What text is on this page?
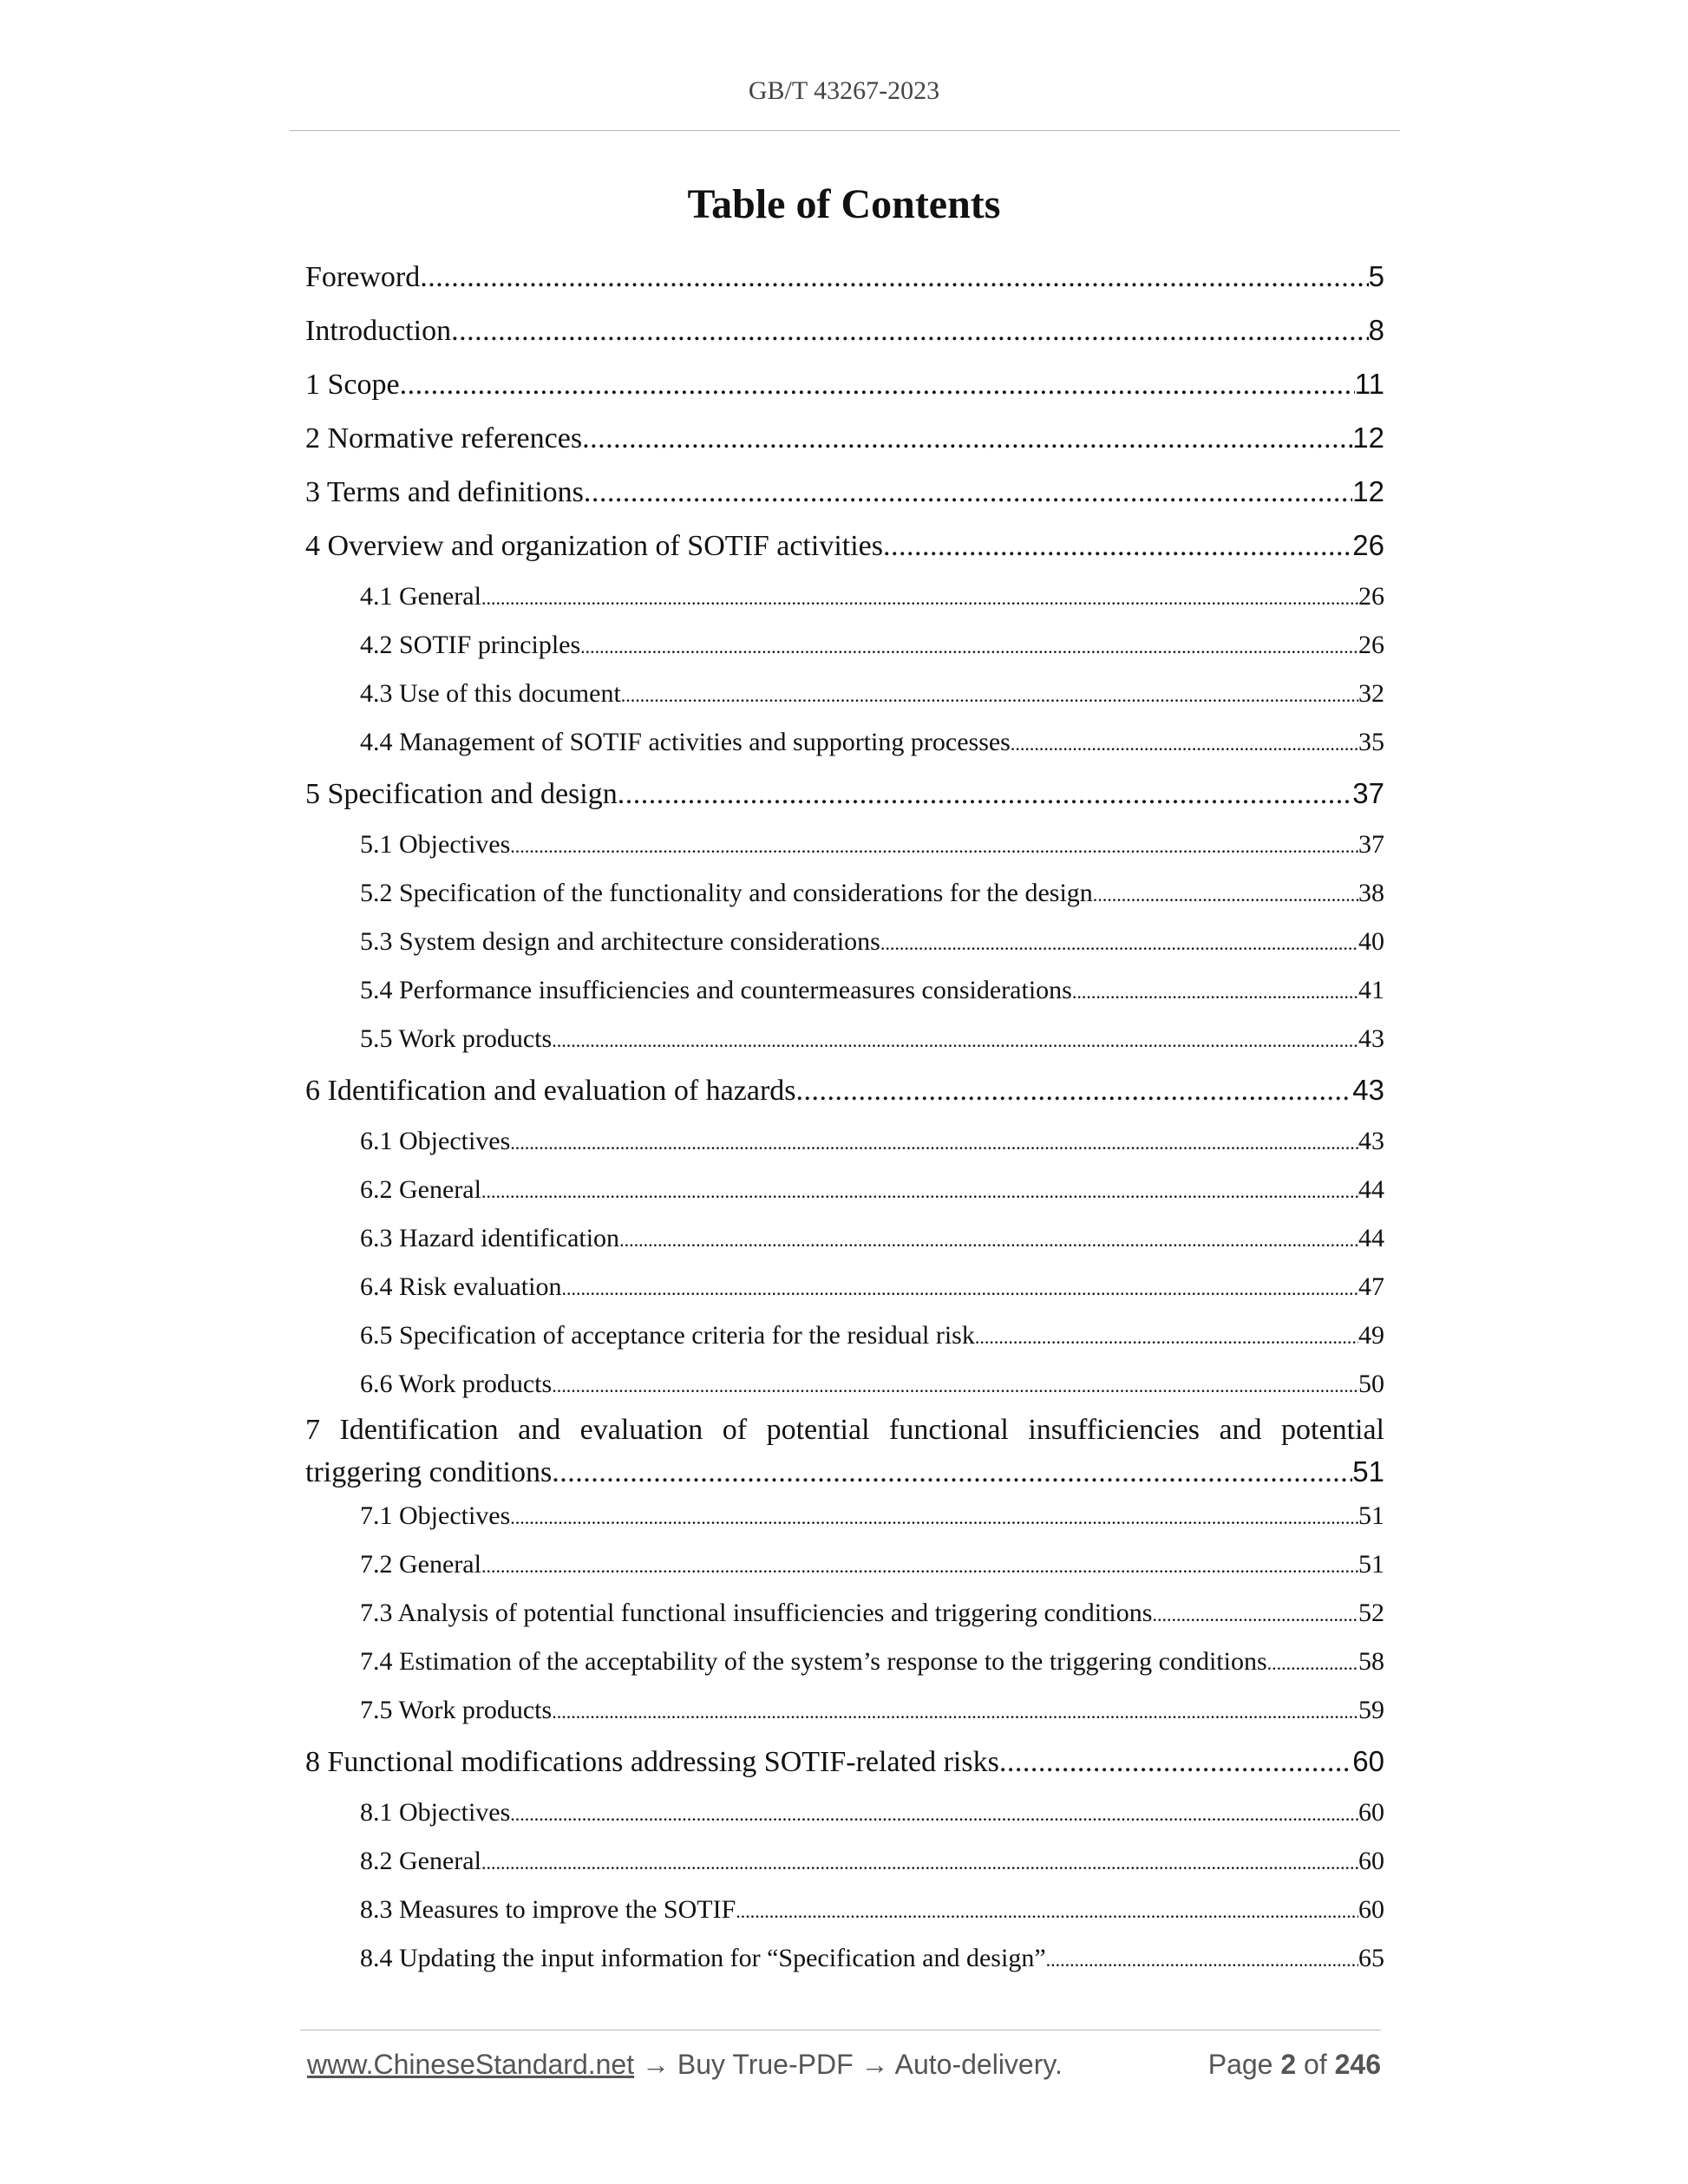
GB/T 43267-2023
Table of Contents
Foreword .....	5
Introduction .....	8
1 Scope .....	11
2 Normative references .....	12
3 Terms and definitions .....	12
4 Overview and organization of SOTIF activities .....	26
4.1 General .....	26
4.2 SOTIF principles .....	26
4.3 Use of this document .....	32
4.4 Management of SOTIF activities and supporting processes .....	35
5 Specification and design .....	37
5.1 Objectives .....	37
5.2 Specification of the functionality and considerations for the design .....	38
5.3 System design and architecture considerations .....	40
5.4 Performance insufficiencies and countermeasures considerations .....	41
5.5 Work products .....	43
6 Identification and evaluation of hazards .....	43
6.1 Objectives .....	43
6.2 General .....	44
6.3 Hazard identification .....	44
6.4 Risk evaluation .....	47
6.5 Specification of acceptance criteria for the residual risk .....	49
6.6 Work products .....	50
7 Identification and evaluation of potential functional insufficiencies and potential
triggering conditions .....	51
7.1 Objectives .....	51
7.2 General .....	51
7.3 Analysis of potential functional insufficiencies and triggering conditions .....	52
7.4 Estimation of the acceptability of the system’s response to the triggering conditions .....	58
7.5 Work products .....	59
8 Functional modifications addressing SOTIF-related risks .....	60
8.1 Objectives .....	60
8.2 General .....	60
8.3 Measures to improve the SOTIF .....	60
8.4 Updating the input information for “Specification and design” .....	65
www.ChineseStandard.net → Buy True-PDF → Auto-delivery.	Page 2 of 246
